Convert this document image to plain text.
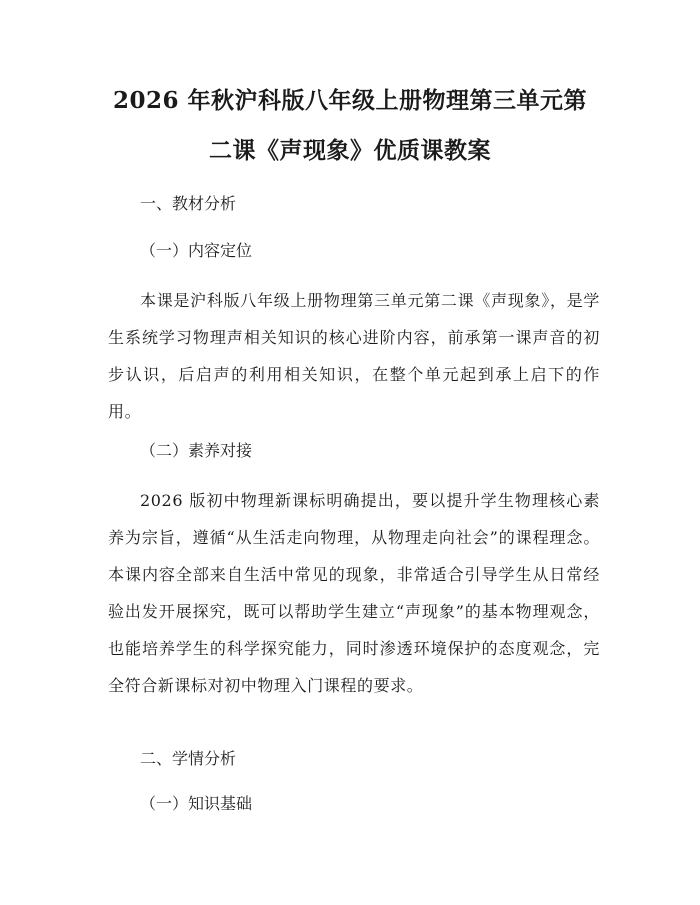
2026 年秋沪科版八年级上册物理第三单元第
二课《声现象》优质课教案
一、教材分析
（一）内容定位
本课是沪科版八年级上册物理第三单元第二课《声现象》，是学生系统学习物理声相关知识的核心进阶内容，前承第一课声音的初步认识，后启声的利用相关知识，在整个单元起到承上启下的作用。
（二）素养对接
2026 版初中物理新课标明确提出，要以提升学生物理核心素养为宗旨，遵循“从生活走向物理，从物理走向社会”的课程理念。本课内容全部来自生活中常见的现象，非常适合引导学生从日常经验出发开展探究，既可以帮助学生建立“声现象”的基本物理观念，也能培养学生的科学探究能力，同时渗透环境保护的态度观念，完全符合新课标对初中物理入门课程的要求。
二、学情分析
（一）知识基础
